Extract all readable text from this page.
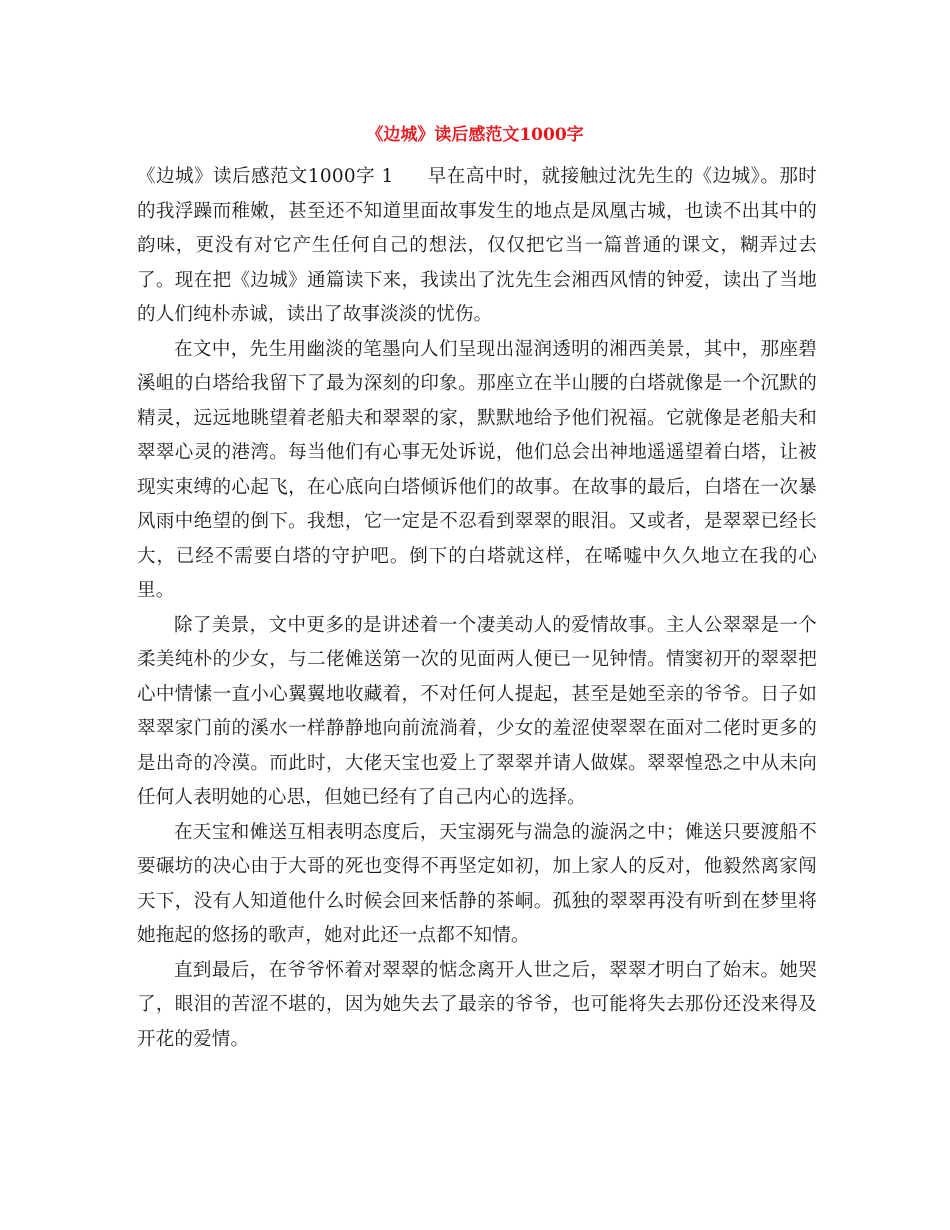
《边城》读后感范文1000字

《边城》读后感范文1000字 1 早在高中时，就接触过沈先生的《边城》。那时的我浮躁而稚嫩，甚至还不知道里面故事发生的地点是凤凰古城，也读不出其中的韵味，更没有对它产生任何自己的想法，仅仅把它当一篇普通的课文，糊弄过去了。现在把《边城》通篇读下来，我读出了沈先生会湘西风情的钟爱，读出了当地的人们纯朴赤诚，读出了故事淡淡的忧伤。

在文中，先生用幽淡的笔墨向人们呈现出湿润透明的湘西美景，其中，那座碧溪岨的白塔给我留下了最为深刻的印象。那座立在半山腰的白塔就像是一个沉默的精灵，远远地眺望着老船夫和翠翠的家，默默地给予他们祝福。它就像是老船夫和翠翠心灵的港湾。每当他们有心事无处诉说，他们总会出神地遥遥望着白塔，让被现实束缚的心起飞，在心底向白塔倾诉他们的故事。在故事的最后，白塔在一次暴风雨中绝望的倒下。我想，它一定是不忍看到翠翠的眼泪。又或者，是翠翠已经长大，已经不需要白塔的守护吧。倒下的白塔就这样，在唏嘘中久久地立在我的心里。

除了美景，文中更多的是讲述着一个凄美动人的爱情故事。主人公翠翠是一个柔美纯朴的少女，与二佬傩送第一次的见面两人便已一见钟情。情窦初开的翠翠把心中情愫一直小心翼翼地收藏着，不对任何人提起，甚至是她至亲的爷爷。日子如翠翠家门前的溪水一样静静地向前流淌着，少女的羞涩使翠翠在面对二佬时更多的是出奇的冷漠。而此时，大佬天宝也爱上了翠翠并请人做媒。翠翠惶恐之中从未向任何人表明她的心思，但她已经有了自己内心的选择。

在天宝和傩送互相表明态度后，天宝溺死与湍急的漩涡之中；傩送只要渡船不要碾坊的决心由于大哥的死也变得不再坚定如初，加上家人的反对，他毅然离家闯天下，没有人知道他什么时候会回来恬静的茶峒。孤独的翠翠再没有听到在梦里将她拖起的悠扬的歌声，她对此还一点都不知情。

直到最后，在爷爷怀着对翠翠的惦念离开人世之后，翠翠才明白了始末。她哭了，眼泪的苦涩不堪的，因为她失去了最亲的爷爷，也可能将失去那份还没来得及开花的爱情。
